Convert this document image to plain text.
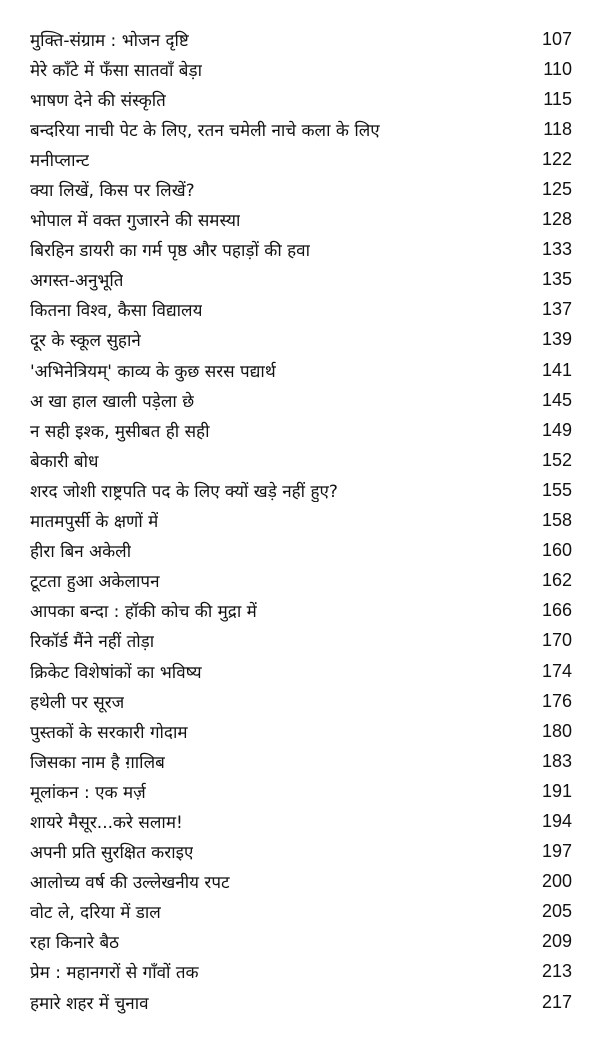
मुक्ति-संग्राम : भोजन दृष्टि	107
मेरे काँटे में फँसा सातवाँ बेड़ा	110
भाषण देने की संस्कृति	115
बन्दरिया नाची पेट के लिए, रतन चमेली नाचे कला के लिए	118
मनीप्लान्ट	122
क्या लिखें, किस पर लिखें?	125
भोपाल में वक्त गुजारने की समस्या	128
बिरहिन डायरी का गर्म पृष्ठ और पहाड़ों की हवा	133
अगस्त-अनुभूति	135
कितना विश्व, कैसा विद्यालय	137
दूर के स्कूल सुहाने	139
'अभिनेत्रियम्' काव्य के कुछ सरस पद्यार्थ	141
अ खा हाल खाली पड़ेला छे	145
न सही इश्क, मुसीबत ही सही	149
बेकारी बोध	152
शरद जोशी राष्ट्रपति पद के लिए क्यों खड़े नहीं हुए?	155
मातमपुर्सी के क्षणों में	158
हीरा बिन अकेली	160
टूटता हुआ अकेलापन	162
आपका बन्दा : हॉकी कोच की मुद्रा में	166
रिकॉर्ड मैंने नहीं तोड़ा	170
क्रिकेट विशेषांकों का भविष्य	174
हथेली पर सूरज	176
पुस्तकों के सरकारी गोदाम	180
जिसका नाम है ग़ालिब	183
मूलांकन : एक मर्ज़	191
शायरे मैसूर...करे सलाम!	194
अपनी प्रति सुरक्षित कराइए	197
आलोच्य वर्ष की उल्लेखनीय रपट	200
वोट ले, दरिया में डाल	205
रहा किनारे बैठ	209
प्रेम : महानगरों से गाँवों तक	213
हमारे शहर में चुनाव	217
